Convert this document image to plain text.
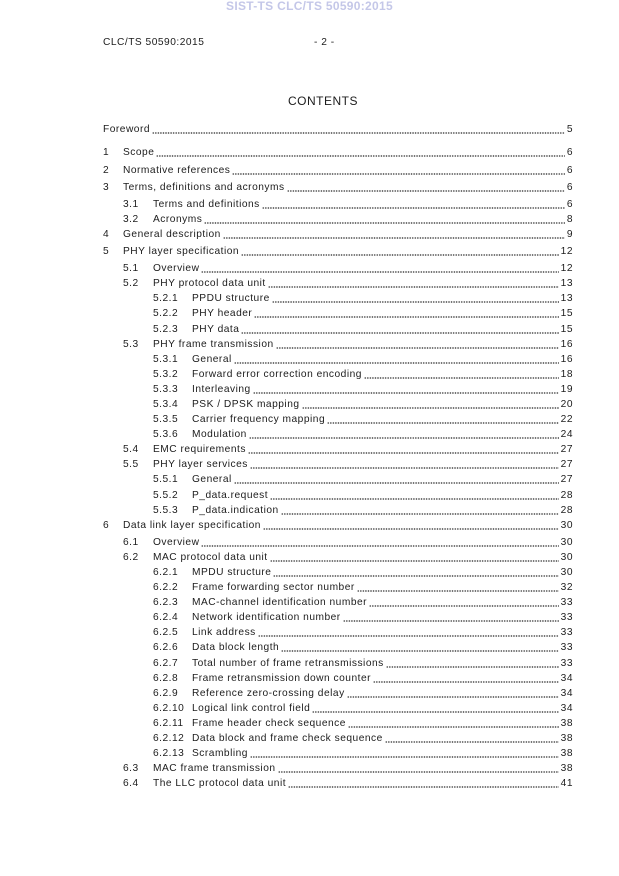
SIST-TS CLC/TS 50590:2015
CLC/TS 50590:2015	- 2 -
CONTENTS
Foreword	5
1	Scope	6
2	Normative references	6
3	Terms, definitions and acronyms	6
3.1	Terms and definitions	6
3.2	Acronyms	8
4	General description	9
5	PHY layer specification	12
5.1	Overview	12
5.2	PHY protocol data unit	13
5.2.1	PPDU structure	13
5.2.2	PHY header	15
5.2.3	PHY data	15
5.3	PHY frame transmission	16
5.3.1	General	16
5.3.2	Forward error correction encoding	18
5.3.3	Interleaving	19
5.3.4	PSK / DPSK mapping	20
5.3.5	Carrier frequency mapping	22
5.3.6	Modulation	24
5.4	EMC requirements	27
5.5	PHY layer services	27
5.5.1	General	27
5.5.2	P_data.request	28
5.5.3	P_data.indication	28
6	Data link layer specification	30
6.1	Overview	30
6.2	MAC protocol data unit	30
6.2.1	MPDU structure	30
6.2.2	Frame forwarding sector number	32
6.2.3	MAC-channel identification number	33
6.2.4	Network identification number	33
6.2.5	Link address	33
6.2.6	Data block length	33
6.2.7	Total number of frame retransmissions	33
6.2.8	Frame retransmission down counter	34
6.2.9	Reference zero-crossing delay	34
6.2.10 Logical link control field	34
6.2.11 Frame header check sequence	38
6.2.12 Data block and frame check sequence	38
6.2.13 Scrambling	38
6.3	MAC frame transmission	38
6.4	The LLC protocol data unit	41
